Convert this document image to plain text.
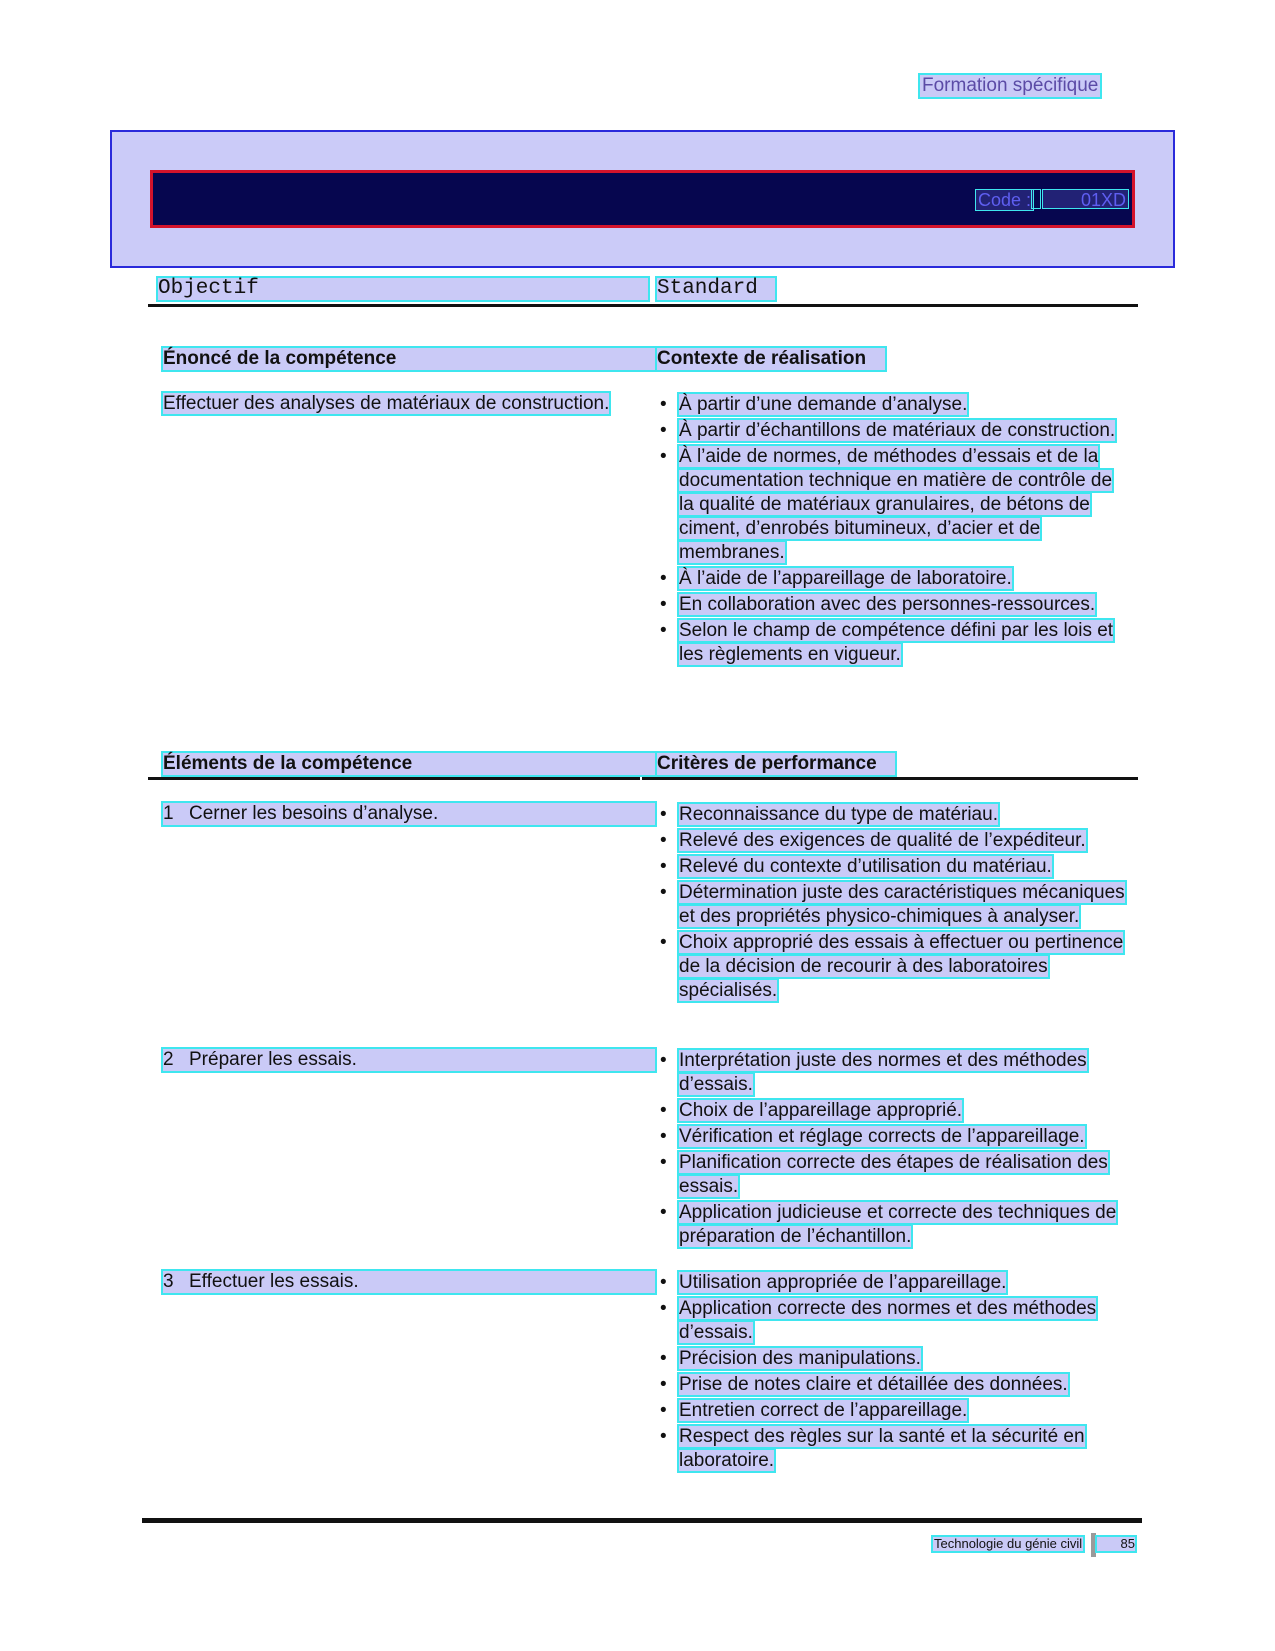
Formation spécifique
Code :	01XD
Objectif	Standard
Énoncé de la compétence	Contexte de réalisation
Effectuer des analyses de matériaux de construction.	• À partir d’une demande d’analyse.
• À partir d’échantillons de matériaux de construction.
• À l’aide de normes, de méthodes d’essais et de la documentation technique en matière de contrôle de la qualité de matériaux granulaires, de bétons de ciment, d’enrobés bitumineux, d’acier et de membranes.
• À l’aide de l’appareillage de laboratoire.
• En collaboration avec des personnes-ressources.
• Selon le champ de compétence défini par les lois et les règlements en vigueur.
Éléments de la compétence	Critères de performance
1 Cerner les besoins d’analyse.	• Reconnaissance du type de matériau.
• Relevé des exigences de qualité de l’expéditeur.
• Relevé du contexte d’utilisation du matériau.
• Détermination juste des caractéristiques mécaniques et des propriétés physico-chimiques à analyser.
• Choix approprié des essais à effectuer ou pertinence de la décision de recourir à des laboratoires spécialisés.
2 Préparer les essais.	• Interprétation juste des normes et des méthodes d’essais.
• Choix de l’appareillage approprié.
• Vérification et réglage corrects de l’appareillage.
• Planification correcte des étapes de réalisation des essais.
• Application judicieuse et correcte des techniques de préparation de l’échantillon.
3 Effectuer les essais.	• Utilisation appropriée de l’appareillage.
• Application correcte des normes et des méthodes d’essais.
• Précision des manipulations.
• Prise de notes claire et détaillée des données.
• Entretien correct de l’appareillage.
• Respect des règles sur la santé et la sécurité en laboratoire.
Technologie du génie civil	85
